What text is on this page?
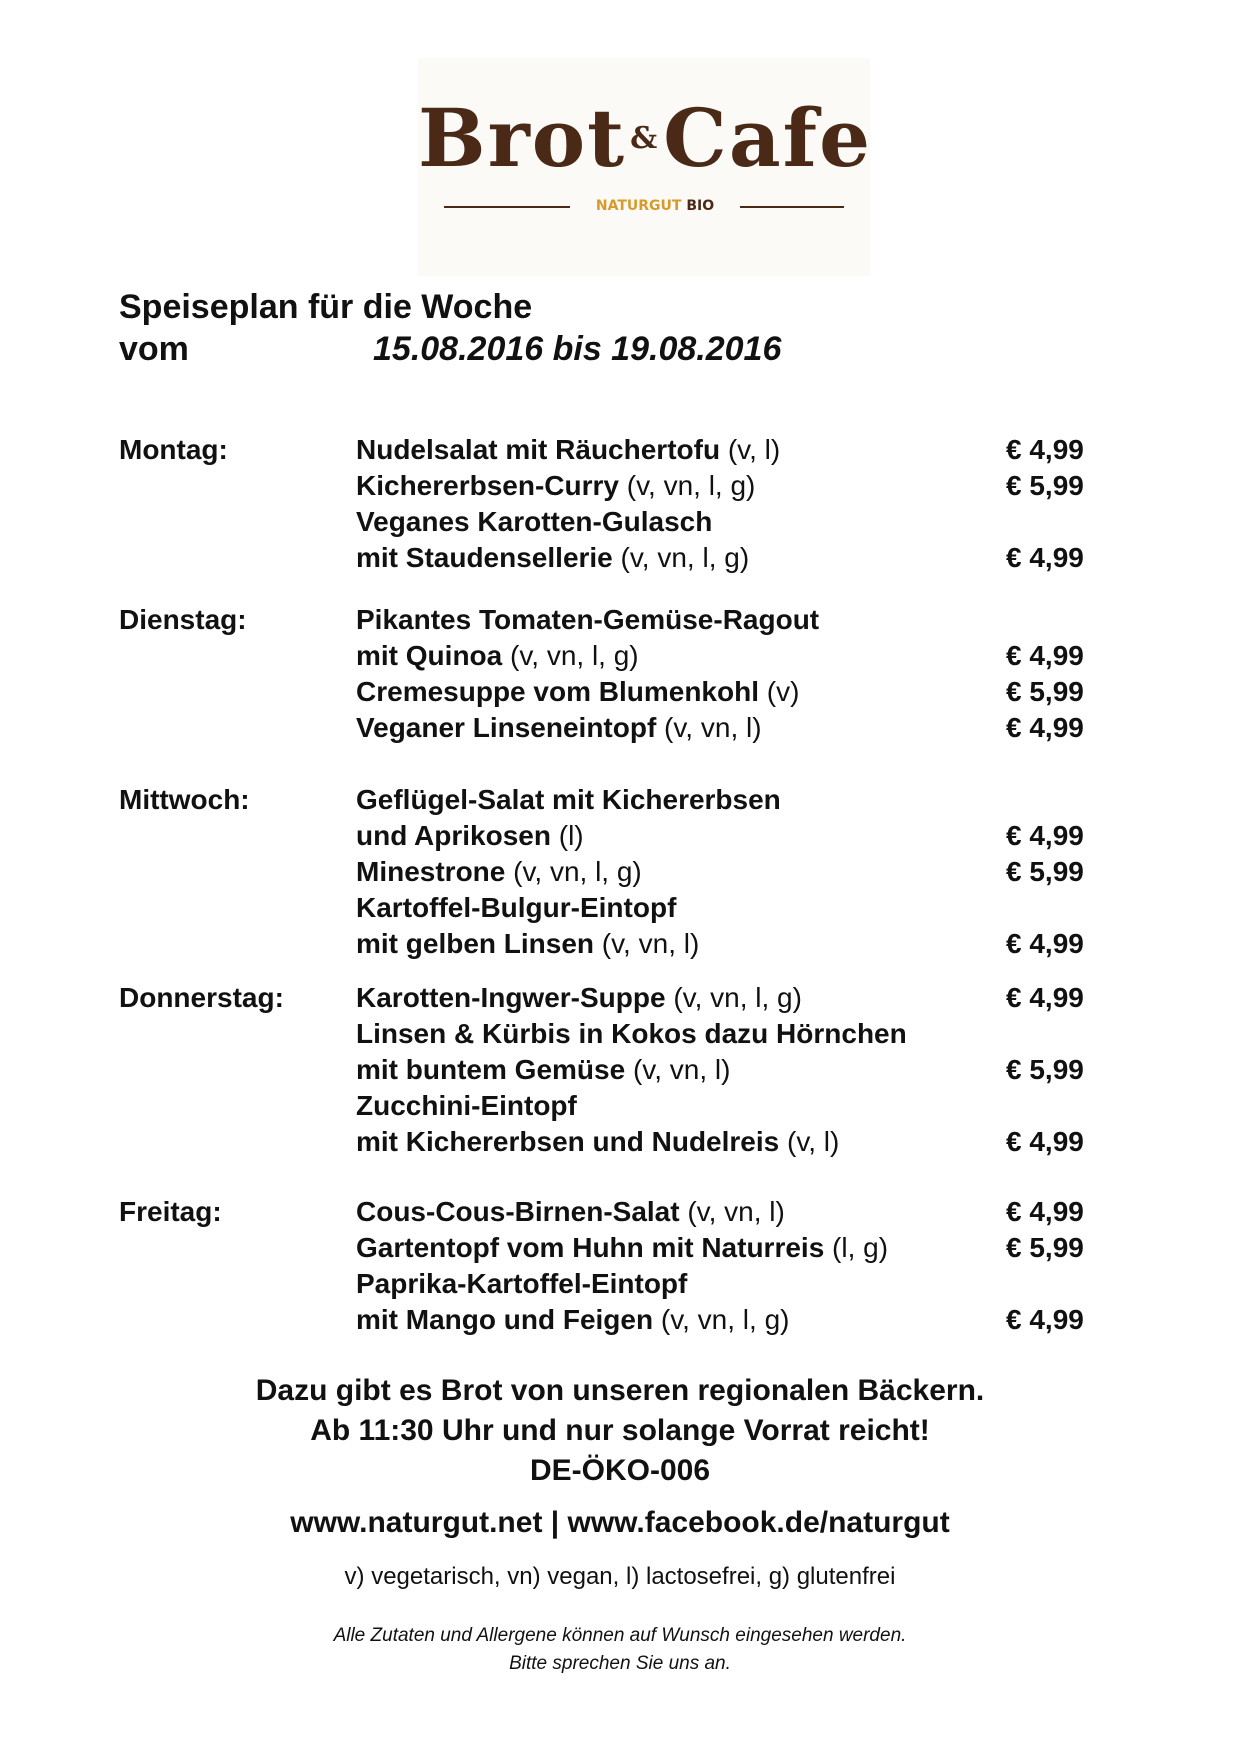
Brot &Cafe
NATURGUT BIO
Speiseplan für die Woche
vom	15.08.2016 bis 19.08.2016
Montag:	Nudelsalat mit Räuchertofu (v, l)	€ 4,99
Kichererbsen-Curry (v, vn, l, g)	€ 5,99
Veganes Karotten-Gulasch
mit Staudensellerie (v, vn, l, g)	€ 4,99
Dienstag:	Pikantes Tomaten-Gemüse-Ragout
mit Quinoa (v, vn, l, g)	€ 4,99
Cremesuppe vom Blumenkohl (v)	€ 5,99
Veganer Linseneintopf (v, vn, l)	€ 4,99
Mittwoch:	Geflügel-Salat mit Kichererbsen
und Aprikosen (l)	€ 4,99
Minestrone (v, vn, l, g)	€ 5,99
Kartoffel-Bulgur-Eintopf
mit gelben Linsen (v, vn, l)	€ 4,99
Donnerstag:	Karotten-Ingwer-Suppe (v, vn, l, g)	€ 4,99
Linsen & Kürbis in Kokos dazu Hörnchen
mit buntem Gemüse (v, vn, l)	€ 5,99
Zucchini-Eintopf
mit Kichererbsen und Nudelreis (v, l)	€ 4,99
Freitag:	Cous-Cous-Birnen-Salat (v, vn, l)	€ 4,99
Gartentopf vom Huhn mit Naturreis (l, g)	€ 5,99
Paprika-Kartoffel-Eintopf
mit Mango und Feigen (v, vn, l, g)	€ 4,99
Dazu gibt es Brot von unseren regionalen Bäckern.
Ab 11:30 Uhr und nur solange Vorrat reicht!
DE-ÖKO-006
www.naturgut.net | www.facebook.de/naturgut
v) vegetarisch, vn) vegan, l) lactosefrei, g) glutenfrei
Alle Zutaten und Allergene können auf Wunsch eingesehen werden.
Bitte sprechen Sie uns an.
